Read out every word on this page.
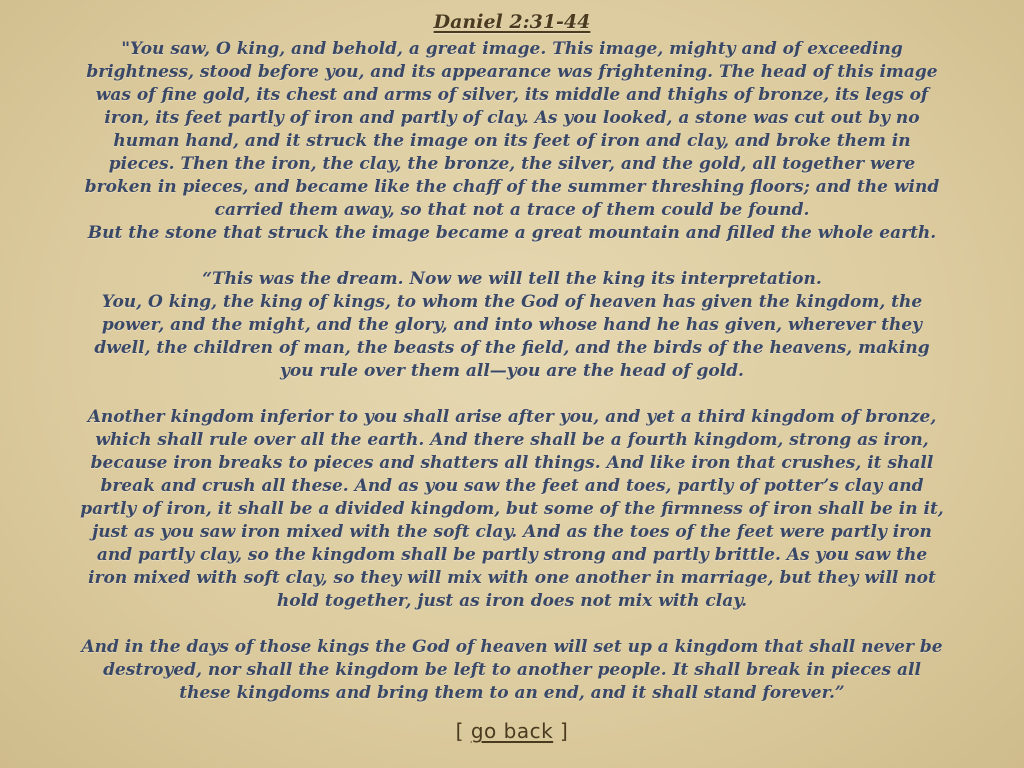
Daniel 2:31-44

"You saw, O king, and behold, a great image. This image, mighty and of exceeding
brightness, stood before you, and its appearance was frightening. The head of this image
was of fine gold, its chest and arms of silver, its middle and thighs of bronze, its legs of
iron, its feet partly of iron and partly of clay. As you looked, a stone was cut out by no
human hand, and it struck the image on its feet of iron and clay, and broke them in
pieces. Then the iron, the clay, the bronze, the silver, and the gold, all together were
broken in pieces, and became like the chaff of the summer threshing floors; and the wind
carried them away, so that not a trace of them could be found.
But the stone that struck the image became a great mountain and filled the whole earth.

“This was the dream. Now we will tell the king its interpretation.
You, O king, the king of kings, to whom the God of heaven has given the kingdom, the
power, and the might, and the glory, and into whose hand he has given, wherever they
dwell, the children of man, the beasts of the field, and the birds of the heavens, making
you rule over them all—you are the head of gold.

Another kingdom inferior to you shall arise after you, and yet a third kingdom of bronze,
which shall rule over all the earth. And there shall be a fourth kingdom, strong as iron,
because iron breaks to pieces and shatters all things. And like iron that crushes, it shall
break and crush all these. And as you saw the feet and toes, partly of potter’s clay and
partly of iron, it shall be a divided kingdom, but some of the firmness of iron shall be in it,
just as you saw iron mixed with the soft clay. And as the toes of the feet were partly iron
and partly clay, so the kingdom shall be partly strong and partly brittle. As you saw the
iron mixed with soft clay, so they will mix with one another in marriage, but they will not
hold together, just as iron does not mix with clay.

And in the days of those kings the God of heaven will set up a kingdom that shall never be
destroyed, nor shall the kingdom be left to another people. It shall break in pieces all
these kingdoms and bring them to an end, and it shall stand forever.”

[ go back ]
